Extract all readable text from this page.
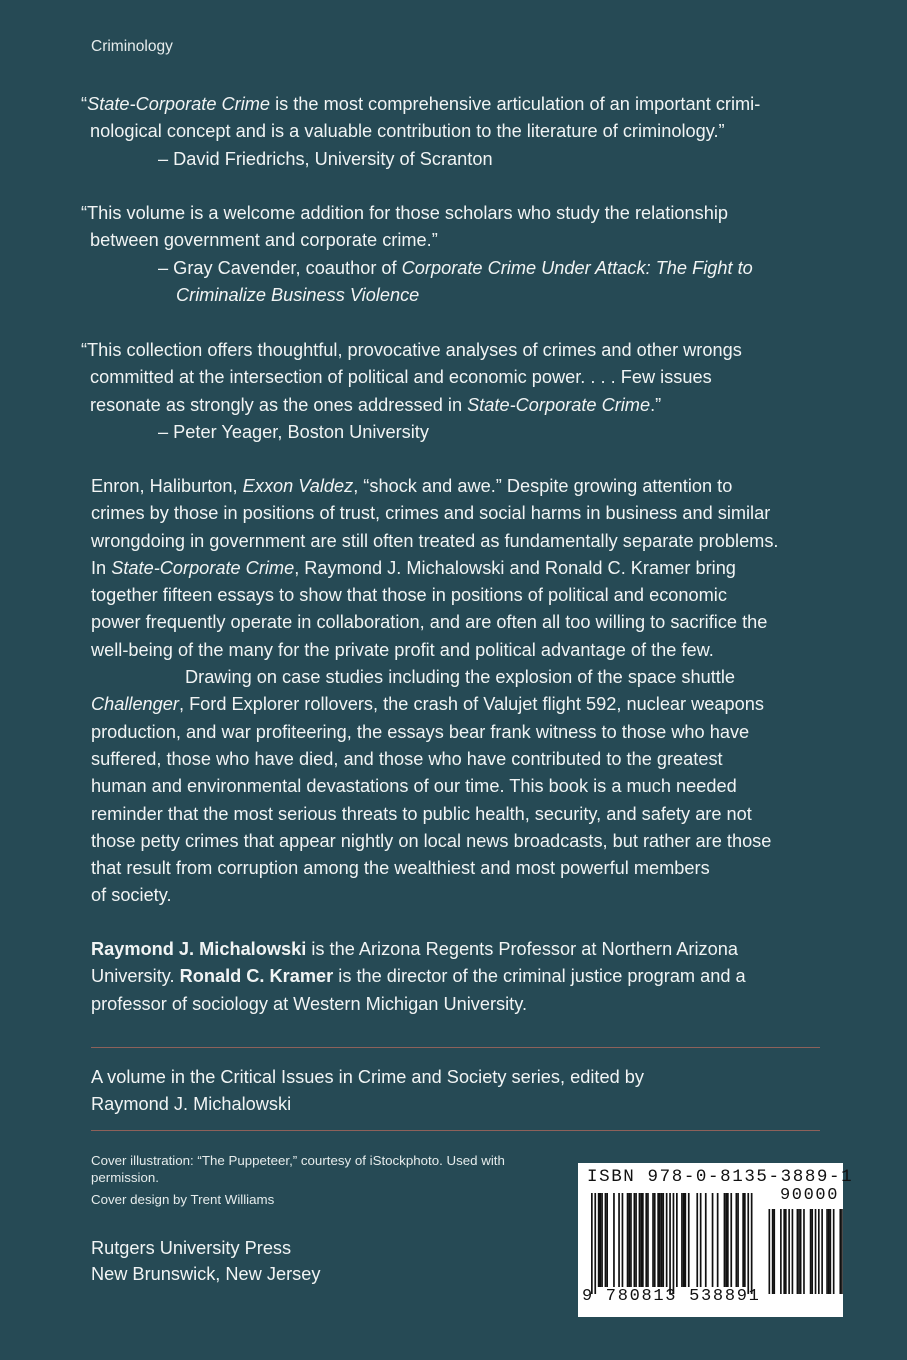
Criminology
“State-Corporate Crime is the most comprehensive articulation of an important crimi-
nological concept and is a valuable contribution to the literature of criminology.”
– David Friedrichs, University of Scranton
“This volume is a welcome addition for those scholars who study the relationship
between government and corporate crime.”
– Gray Cavender, coauthor of Corporate Crime Under Attack: The Fight to
Criminalize Business Violence
“This collection offers thoughtful, provocative analyses of crimes and other wrongs
committed at the intersection of political and economic power. . . . Few issues
resonate as strongly as the ones addressed in State-Corporate Crime.”
– Peter Yeager, Boston University
Enron, Haliburton, Exxon Valdez, “shock and awe.” Despite growing attention to
crimes by those in positions of trust, crimes and social harms in business and similar
wrongdoing in government are still often treated as fundamentally separate problems.
In State-Corporate Crime, Raymond J. Michalowski and Ronald C. Kramer bring
together fifteen essays to show that those in positions of political and economic
power frequently operate in collaboration, and are often all too willing to sacrifice the
well-being of the many for the private profit and political advantage of the few.
Drawing on case studies including the explosion of the space shuttle
Challenger, Ford Explorer rollovers, the crash of Valujet flight 592, nuclear weapons
production, and war profiteering, the essays bear frank witness to those who have
suffered, those who have died, and those who have contributed to the greatest
human and environmental devastations of our time. This book is a much needed
reminder that the most serious threats to public health, security, and safety are not
those petty crimes that appear nightly on local news broadcasts, but rather are those
that result from corruption among the wealthiest and most powerful members
of society.
Raymond J. Michalowski is the Arizona Regents Professor at Northern Arizona
University. Ronald C. Kramer is the director of the criminal justice program and a
professor of sociology at Western Michigan University.
A volume in the Critical Issues in Crime and Society series, edited by
Raymond J. Michalowski
Cover illustration: “The Puppeteer,” courtesy of iStockphoto. Used with
permission.
Cover design by Trent Williams
Rutgers University Press
New Brunswick, New Jersey
ISBN 978-0-8135-3889-1
90000
9 780813 538891
